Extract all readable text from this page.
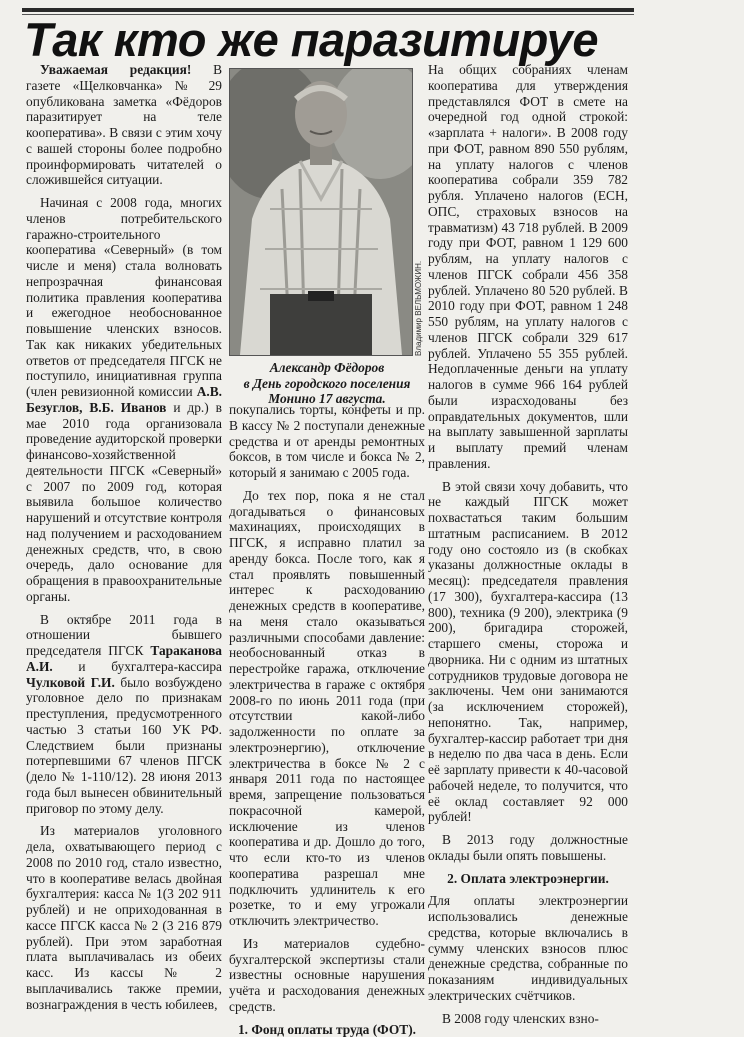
Так кто же паразитируе

Уважаемая редакция! В газете «Щелковчанка» № 29 опубликована заметка «Фёдоров паразитирует на теле кооператива». В связи с этим хочу с вашей стороны более подробно проинформировать читателей о сложившейся ситуации.

Начиная с 2008 года, многих членов потребительского гаражно-строительного кооператива «Северный» (в том числе и меня) стала волновать непрозрачная финансовая политика правления кооператива и ежегодное необоснованное повышение членских взносов. Так как никаких убедительных ответов от председателя ПГСК не поступило, инициативная группа (член ревизионной комиссии А.В. Безуглов, В.Б. Иванов и др.) в мае 2010 года организовала проведение аудиторской проверки финансово-хозяйственной деятельности ПГСК «Северный» с 2007 по 2009 год, которая выявила большое количество нарушений и отсутствие контроля над получением и расходованием денежных средств, что, в свою очередь, дало основание для обращения в правоохранительные органы.

В октябре 2011 года в отношении бывшего председателя ПГСК Тараканова А.И. и бухгалтера-кассира Чулковой Г.И. было возбуждено уголовное дело по признакам преступления, предусмотренного частью 3 статьи 160 УК РФ. Следствием были признаны потерпевшими 67 членов ПГСК (дело № 1-110/12). 28 июня 2013 года был вынесен обвинительный приговор по этому делу.

Из материалов уголовного дела, охватывающего период с 2008 по 2010 год, стало известно, что в кооперативе велась двойная бухгалтерия: касса № 1(3 202 911 рублей) и не оприходованная в кассе ПГСК касса № 2 (3 216 879 рублей). При этом заработная плата выплачивалась из обеих касс. Из кассы № 2 выплачивались также премии, вознаграждения в честь юбилеев,

Владимир ВЕЛЬМОЖИН.
Александр Фёдоров
в День городского поселения
Монино 17 августа.

покупались торты, конфеты и пр. В кассу № 2 поступали денежные средства и от аренды ремонтных боксов, в том числе и бокса № 2, который я занимаю с 2005 года.

До тех пор, пока я не стал догадываться о финансовых махинациях, происходящих в ПГСК, я исправно платил за аренду бокса. После того, как я стал проявлять повышенный интерес к расходованию денежных средств в кооперативе, на меня стало оказываться различными способами давление: необоснованный отказ в перестройке гаража, отключение электричества в гараже с октября 2008-го по июнь 2011 года (при отсутствии какой-либо задолженности по оплате за электроэнергию), отключение электричества в боксе № 2 с января 2011 года по настоящее время, запрещение пользоваться покрасочной камерой, исключение из членов кооператива и др. Дошло до того, что если кто-то из членов кооператива разрешал мне подключить удлинитель к его розетке, то и ему угрожали отключить электричество.

Из материалов судебно-бухгалтерской экспертизы стали известны основные нарушения учёта и расходования денежных средств.

1. Фонд оплаты труда (ФОТ).

На общих собраниях членам кооператива для утверждения представлялся ФОТ в смете на очередной год одной строкой: «зарплата + налоги». В 2008 году при ФОТ, равном 890 550 рублям, на уплату налогов с членов кооператива собрали 359 782 рубля. Уплачено налогов (ЕСН, ОПС, страховых взносов на травматизм) 43 718 рублей. В 2009 году при ФОТ, равном 1 129 600 рублям, на уплату налогов с членов ПГСК собрали 456 358 рублей. Уплачено 80 520 рублей. В 2010 году при ФОТ, равном 1 248 550 рублям, на уплату налогов с членов ПГСК собрали 329 617 рублей. Уплачено 55 355 рублей. Недоплаченные деньги на уплату налогов в сумме 966 164 рублей были израсходованы без оправдательных документов, шли на выплату завышенной зарплаты и выплату премий членам правления.

В этой связи хочу добавить, что не каждый ПГСК может похвастаться таким большим штатным расписанием. В 2012 году оно состояло из (в скобках указаны должностные оклады в месяц): председателя правления (17 300), бухгалтера-кассира (13 800), техника (9 200), электрика (9 200), бригадира сторожей, старшего смены, сторожа и дворника. Ни с одним из штатных сотрудников трудовые договора не заключены. Чем они занимаются (за исключением сторожей), непонятно. Так, например, бухгалтер-кассир работает три дня в неделю по два часа в день. Если её зарплату привести к 40-часовой рабочей неделе, то получится, что её оклад составляет 92 000 рублей!

В 2013 году должностные оклады были опять повышены.

2. Оплата электроэнергии.

Для оплаты электроэнергии использовались денежные средства, которые включались в сумму членских взносов плюс денежные средства, собранные по показаниям индивидуальных электрических счётчиков.

В 2008 году членских взно-
